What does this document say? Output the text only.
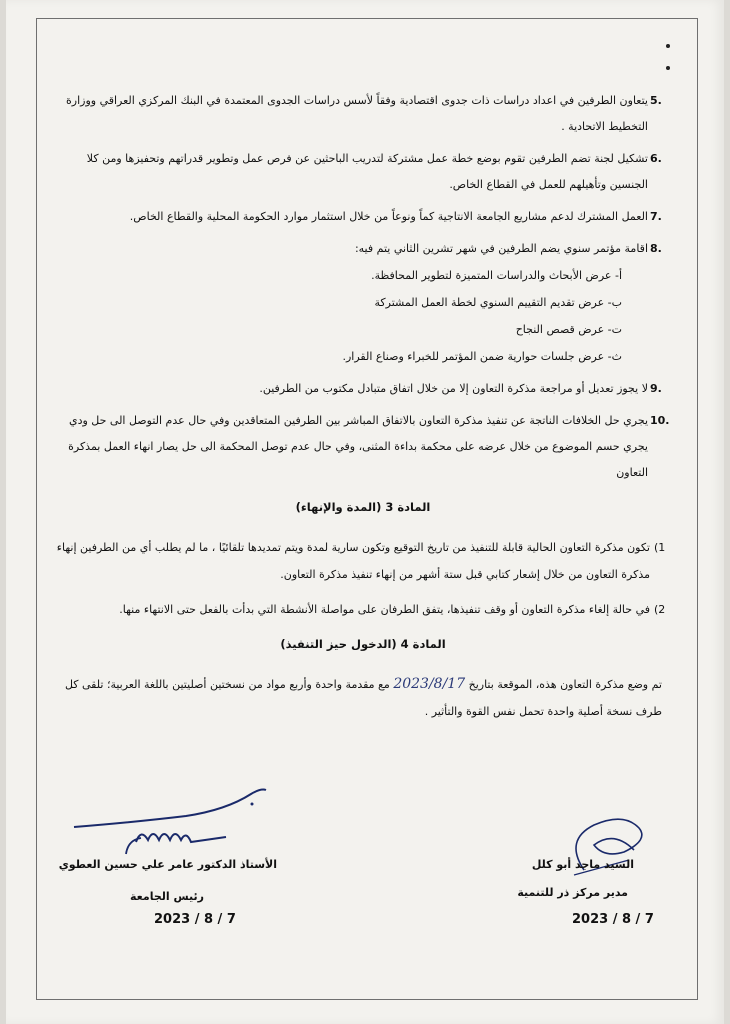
5.
يتعاون الطرفين في اعداد دراسات ذات جدوى اقتصادية وفقاً لأسس دراسات الجدوى المعتمدة في البنك المركزي العراقي ووزارة التخطيط الاتحادية .
6.
تشكيل لجنة تضم الطرفين تقوم بوضع خطة عمل مشتركة لتدريب الباحثين عن فرص عمل وتطوير قدراتهم وتحفيزها ومن كلا الجنسين وتأهيلهم للعمل في القطاع الخاص.
7.
العمل المشترك لدعم مشاريع الجامعة الانتاجية كماً ونوعاً من خلال استثمار موارد الحكومة المحلية والقطاع الخاص.
8.
اقامة مؤتمر سنوي يضم الطرفين في شهر تشرين الثاني يتم فيه:
أ- عرض الأبحاث والدراسات المتميزة لتطوير المحافظة.
ب- عرض تقديم التقييم السنوي لخطة العمل المشتركة
ت- عرض قصص النجاح
ث- عرض جلسات حوارية ضمن المؤتمر للخبراء وصناع القرار.
9.
لا يجوز تعديل أو مراجعة مذكرة التعاون إلا من خلال اتفاق متبادل مكتوب من الطرفين.
10.
يجري حل الخلافات الناتجة عن تنفيذ مذكرة التعاون بالاتفاق المباشر بين الطرفين المتعاقدين وفي حال عدم التوصل الى حل ودي يجري حسم الموضوع من خلال عرضه على محكمة بداءة المثنى، وفي حال عدم توصل المحكمة الى حل يصار انهاء العمل بمذكرة التعاون
المادة 3 (المدة والإنهاء)
(1
تكون مذكرة التعاون الحالية قابلة للتنفيذ من تاريخ التوقيع وتكون سارية لمدة ويتم تمديدها تلقائيًا ، ما لم يطلب أي من الطرفين إنهاء مذكرة التعاون من خلال إشعار كتابي قبل ستة أشهر من إنهاء تنفيذ مذكرة التعاون.
(2
في حالة إلغاء مذكرة التعاون أو وقف تنفيذها، يتفق الطرفان على مواصلة الأنشطة التي بدأت بالفعل حتى الانتهاء منها.
المادة 4 (الدخول حيز التنفيذ)
تم وضع مذكرة التعاون هذه، الموقعة بتاريخ 2023/8/17 مع مقدمة واحدة وأربع مواد من نسختين أصليتين باللغة العربية؛ تلقى كل طرف نسخة أصلية واحدة تحمل نفس القوة والتأثير .
الأستاذ الدكتور عامر علي حسين العطوي
رئيس الجامعة
2023 / 8 / 7
السيد ماجد أبو كلل
مدير مركز ذر للتنمية
2023 / 8 / 7
